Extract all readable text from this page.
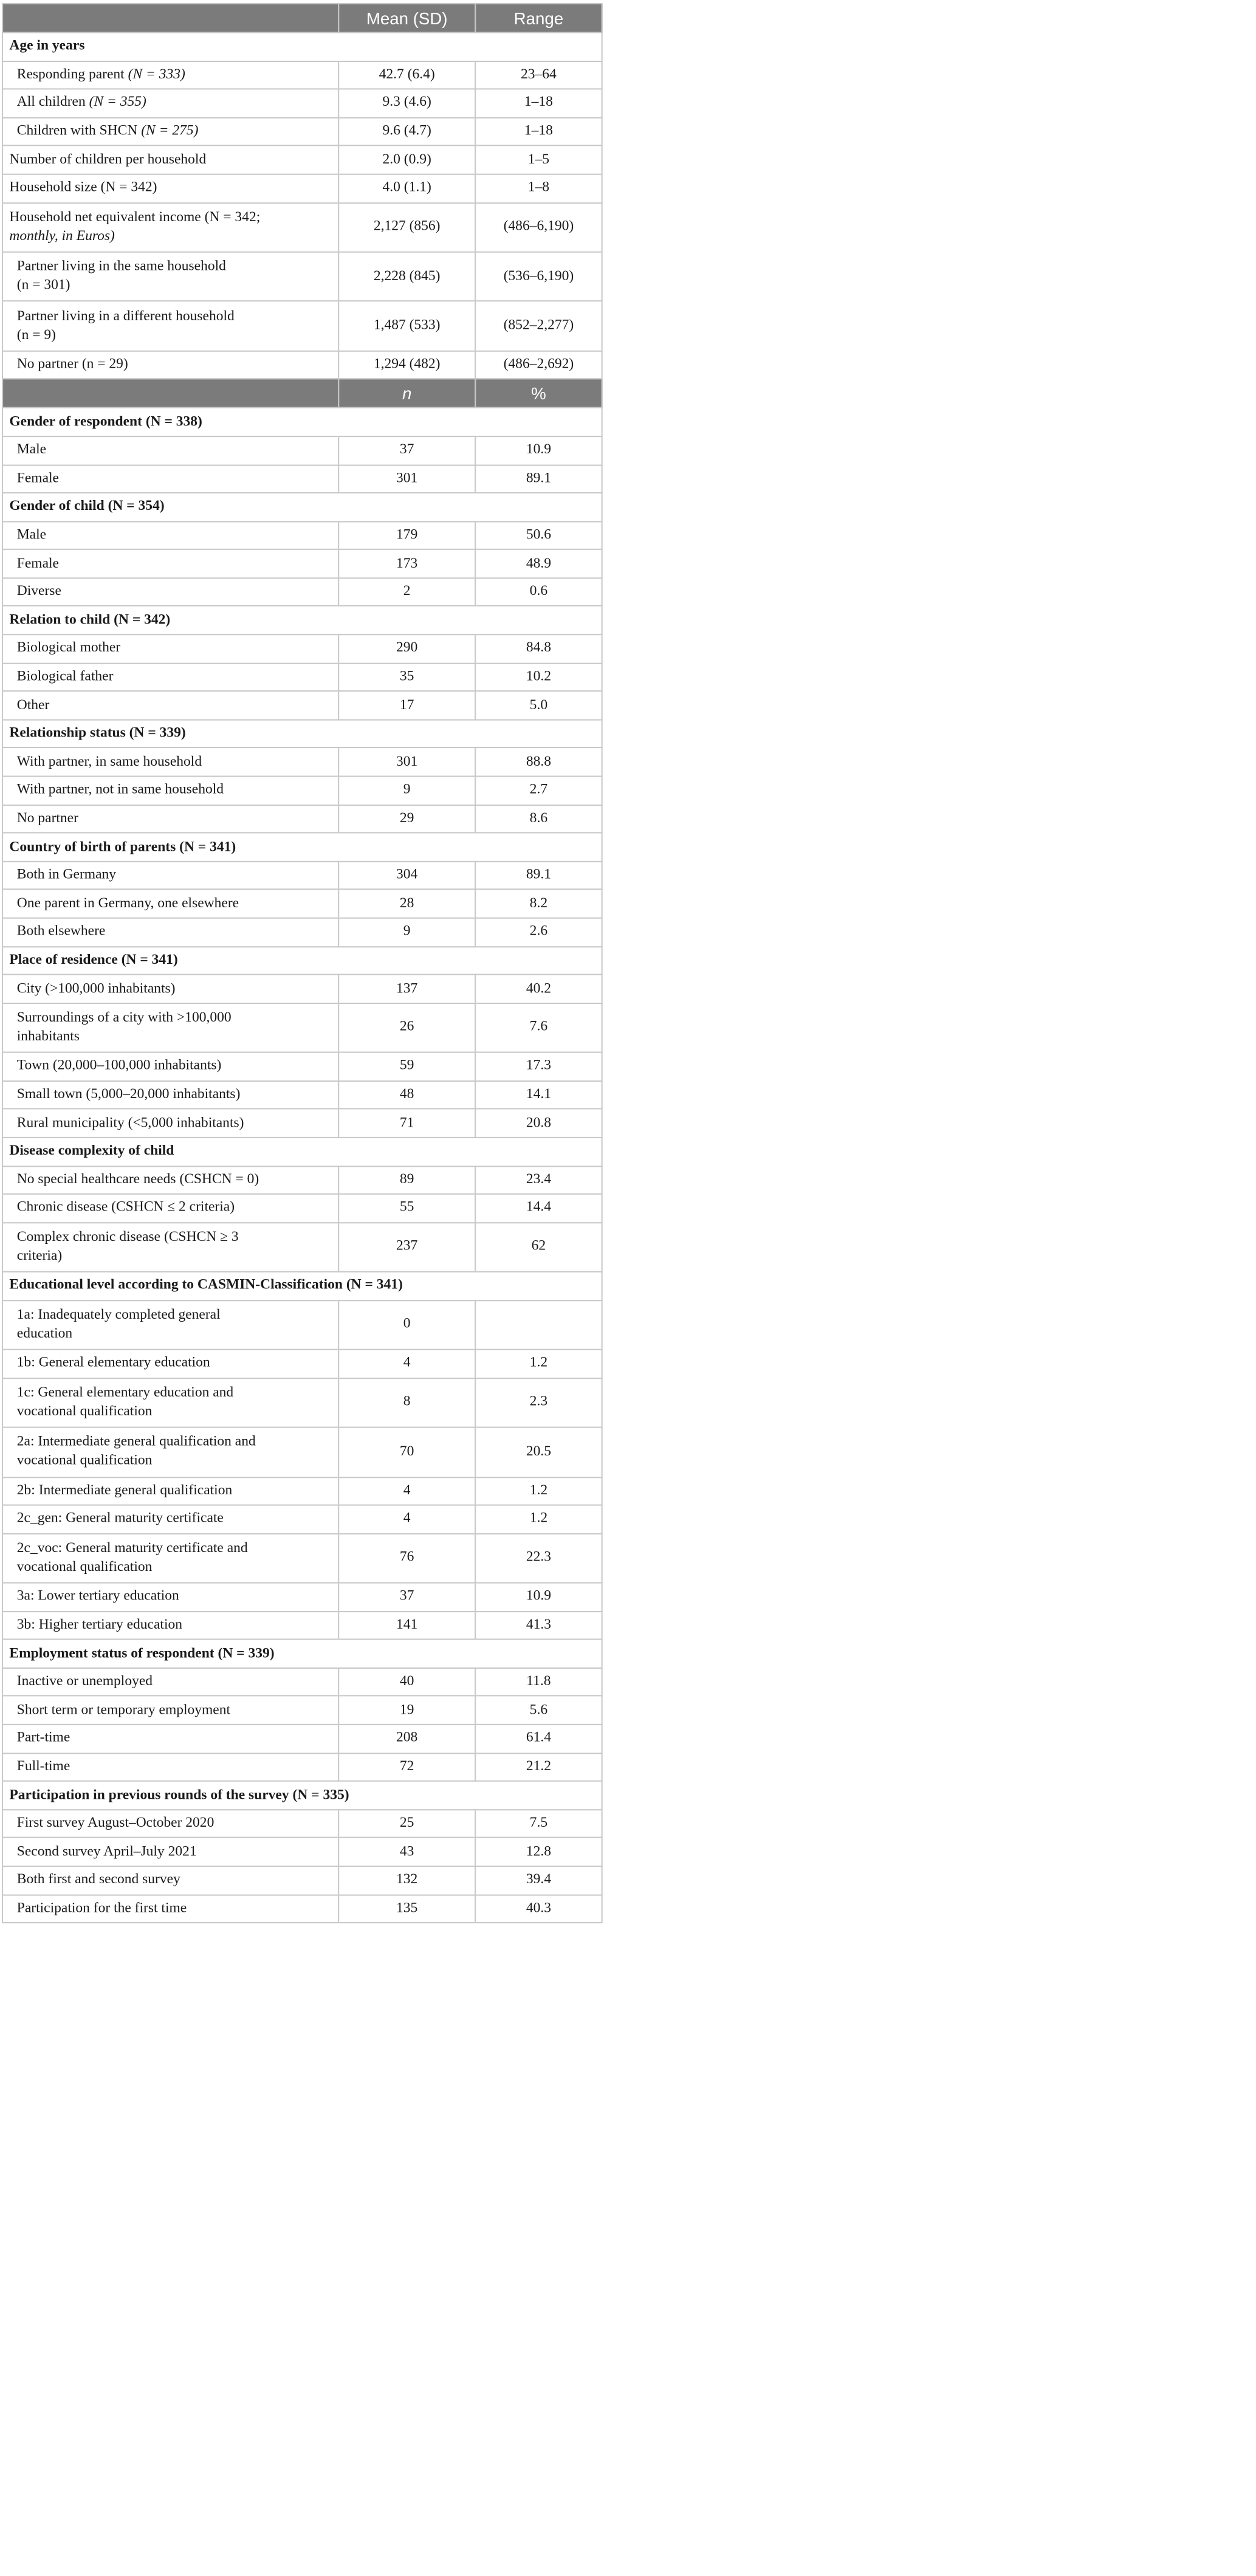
	Mean (SD)	Range
Age in years		
Responding parent (N = 333)	42.7 (6.4)	23–64
All children (N = 355)	9.3 (4.6)	1–18
Children with SHCN (N = 275)	9.6 (4.7)	1–18
Number of children per household	2.0 (0.9)	1–5
Household size (N = 342)	4.0 (1.1)	1–8
Household net equivalent income (N = 342;
monthly, in Euros)	2,127 (856)	(486–6,190)
Partner living in the same household
(n = 301)	2,228 (845)	(536–6,190)
Partner living in a different household
(n = 9)	1,487 (533)	(852–2,277)
No partner (n = 29)	1,294 (482)	(486–2,692)
	n	%
Gender of respondent (N = 338)		
Male	37	10.9
Female	301	89.1
Gender of child (N = 354)		
Male	179	50.6
Female	173	48.9
Diverse	2	0.6
Relation to child (N = 342)		
Biological mother	290	84.8
Biological father	35	10.2
Other	17	5.0
Relationship status (N = 339)		
With partner, in same household	301	88.8
With partner, not in same household	9	2.7
No partner	29	8.6
Country of birth of parents (N = 341)		
Both in Germany	304	89.1
One parent in Germany, one elsewhere	28	8.2
Both elsewhere	9	2.6
Place of residence (N = 341)		
City (>100,000 inhabitants)	137	40.2
Surroundings of a city with >100,000
inhabitants	26	7.6
Town (20,000–100,000 inhabitants)	59	17.3
Small town (5,000–20,000 inhabitants)	48	14.1
Rural municipality (<5,000 inhabitants)	71	20.8
Disease complexity of child		
No special healthcare needs (CSHCN = 0)	89	23.4
Chronic disease (CSHCN ≤ 2 criteria)	55	14.4
Complex chronic disease (CSHCN ≥ 3
criteria)	237	62
Educational level according to CASMIN-Classification (N = 341)		
1a: Inadequately completed general
education	0	
1b: General elementary education	4	1.2
1c: General elementary education and
vocational qualification	8	2.3
2a: Intermediate general qualification and
vocational qualification	70	20.5
2b: Intermediate general qualification	4	1.2
2c_gen: General maturity certificate	4	1.2
2c_voc: General maturity certificate and
vocational qualification	76	22.3
3a: Lower tertiary education	37	10.9
3b: Higher tertiary education	141	41.3
Employment status of respondent (N = 339)		
Inactive or unemployed	40	11.8
Short term or temporary employment	19	5.6
Part-time	208	61.4
Full-time	72	21.2
Participation in previous rounds of the survey (N = 335)		
First survey August–October 2020	25	7.5
Second survey April–July 2021	43	12.8
Both first and second survey	132	39.4
Participation for the first time	135	40.3
